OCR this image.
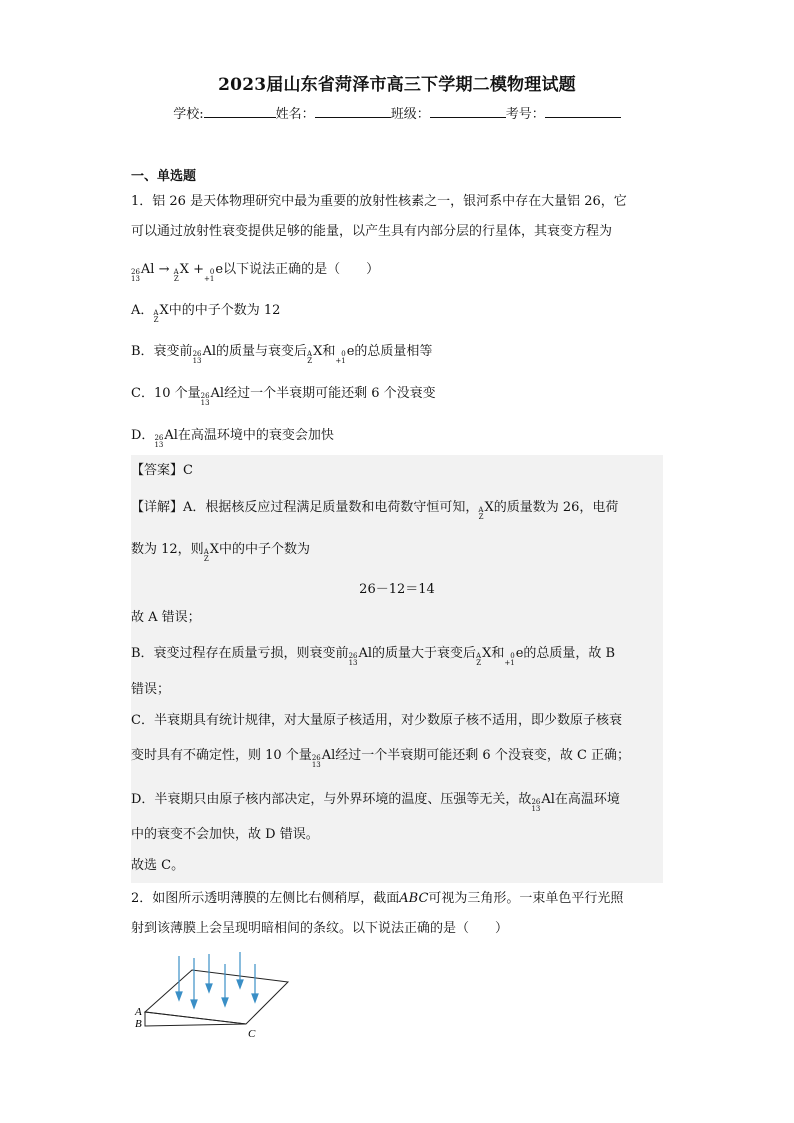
2023届山东省菏泽市高三下学期二模物理试题
学校:	姓名：	班级：	考号：
一、单选题
1．铝 26 是天体物理研究中最为重要的放射性核素之一，银河系中存在大量铝 26，它
可以通过放射性衰变提供足够的能量，以产生具有内部分层的行星体，其衰变方程为
26
13
Al → A
Z
X + 0
+1
e以下说法正确的是（　　）
A． A
Z
X中的中子个数为 12
B．衰变前 26
13
Al的质量与衰变后 A
Z
X和 0
+1
e的总质量相等
C．10 个量 26
13
Al经过一个半衰期可能还剩 6 个没衰变
D． 26
13
Al在高温环境中的衰变会加快
【答案】C
【详解】A．根据核反应过程满足质量数和电荷数守恒可知， A
Z
X的质量数为 26，电荷
数为 12，则 A
Z
X中的中子个数为
26－12＝14
故 A 错误；
B．衰变过程存在质量亏损，则衰变前 26
13
Al的质量大于衰变后 A
Z
X和 0
+1
e的总质量，故 B
错误；
C．半衰期具有统计规律，对大量原子核适用，对少数原子核不适用，即少数原子核衰
变时具有不确定性，则 10 个量 26
13
Al经过一个半衰期可能还剩 6 个没衰变，故 C 正确；
D．半衰期只由原子核内部决定，与外界环境的温度、压强等无关，故 26
13
Al在高温环境
中的衰变不会加快，故 D 错误。
故选 C。
2．如图所示透明薄膜的左侧比右侧稍厚，截面ABC可视为三角形。一束单色平行光照
射到该薄膜上会呈现明暗相间的条纹。以下说法正确的是（　　）
A
B
C
